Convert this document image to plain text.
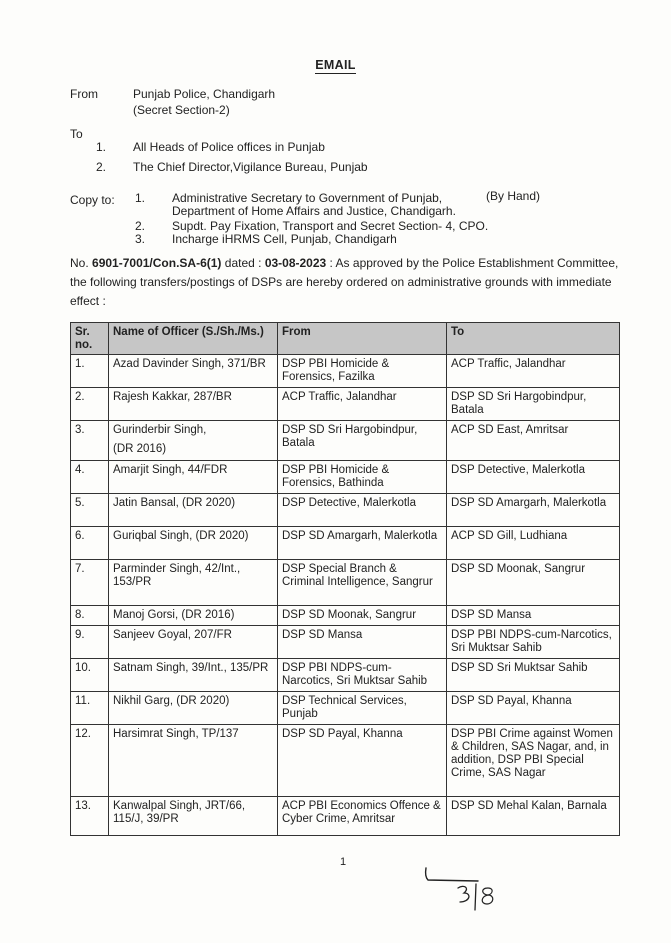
EMAIL
From	Punjab Police, Chandigarh
(Secret Section-2)
To
1. All Heads of Police offices in Punjab
2. The Chief Director,Vigilance Bureau, Punjab
Copy to: 1. Administrative Secretary to Government of Punjab,	(By Hand)
Department of Home Affairs and Justice, Chandigarh.
2. Supdt. Pay Fixation, Transport and Secret Section- 4, CPO.
3. Incharge iHRMS Cell, Punjab, Chandigarh
No. 6901-7001/Con.SA-6(1) dated : 03-08-2023 : As approved by the Police Establishment Committee, the following transfers/postings of DSPs are hereby ordered on administrative grounds with immediate effect :
Sr. no.	Name of Officer (S./Sh./Ms.)	From	To
1.	Azad Davinder Singh, 371/BR	DSP PBI Homicide & Forensics, Fazilka	ACP Traffic, Jalandhar
2.	Rajesh Kakkar, 287/BR	ACP Traffic, Jalandhar	DSP SD Sri Hargobindpur, Batala
3.	Gurinderbir Singh,
(DR 2016)	DSP SD Sri Hargobindpur, Batala	ACP SD East, Amritsar
4.	Amarjit Singh, 44/FDR	DSP PBI Homicide & Forensics, Bathinda	DSP Detective, Malerkotla
5.	Jatin Bansal, (DR 2020)	DSP Detective, Malerkotla	DSP SD Amargarh, Malerkotla
6.	Guriqbal Singh, (DR 2020)	DSP SD Amargarh, Malerkotla	ACP SD Gill, Ludhiana
7.	Parminder Singh, 42/Int., 153/PR	DSP Special Branch & Criminal Intelligence, Sangrur	DSP SD Moonak, Sangrur
8.	Manoj Gorsi, (DR 2016)	DSP SD Moonak, Sangrur	DSP SD Mansa
9.	Sanjeev Goyal, 207/FR	DSP SD Mansa	DSP PBI NDPS-cum-Narcotics, Sri Muktsar Sahib
10.	Satnam Singh, 39/Int., 135/PR	DSP PBI NDPS-cum-Narcotics, Sri Muktsar Sahib	DSP SD Sri Muktsar Sahib
11.	Nikhil Garg, (DR 2020)	DSP Technical Services, Punjab	DSP SD Payal, Khanna
12.	Harsimrat Singh, TP/137	DSP SD Payal, Khanna	DSP PBI Crime against Women & Children, SAS Nagar, and, in addition, DSP PBI Special Crime, SAS Nagar
13.	Kanwalpal Singh, JRT/66, 115/J, 39/PR	ACP PBI Economics Offence & Cyber Crime, Amritsar	DSP SD Mehal Kalan, Barnala
1
